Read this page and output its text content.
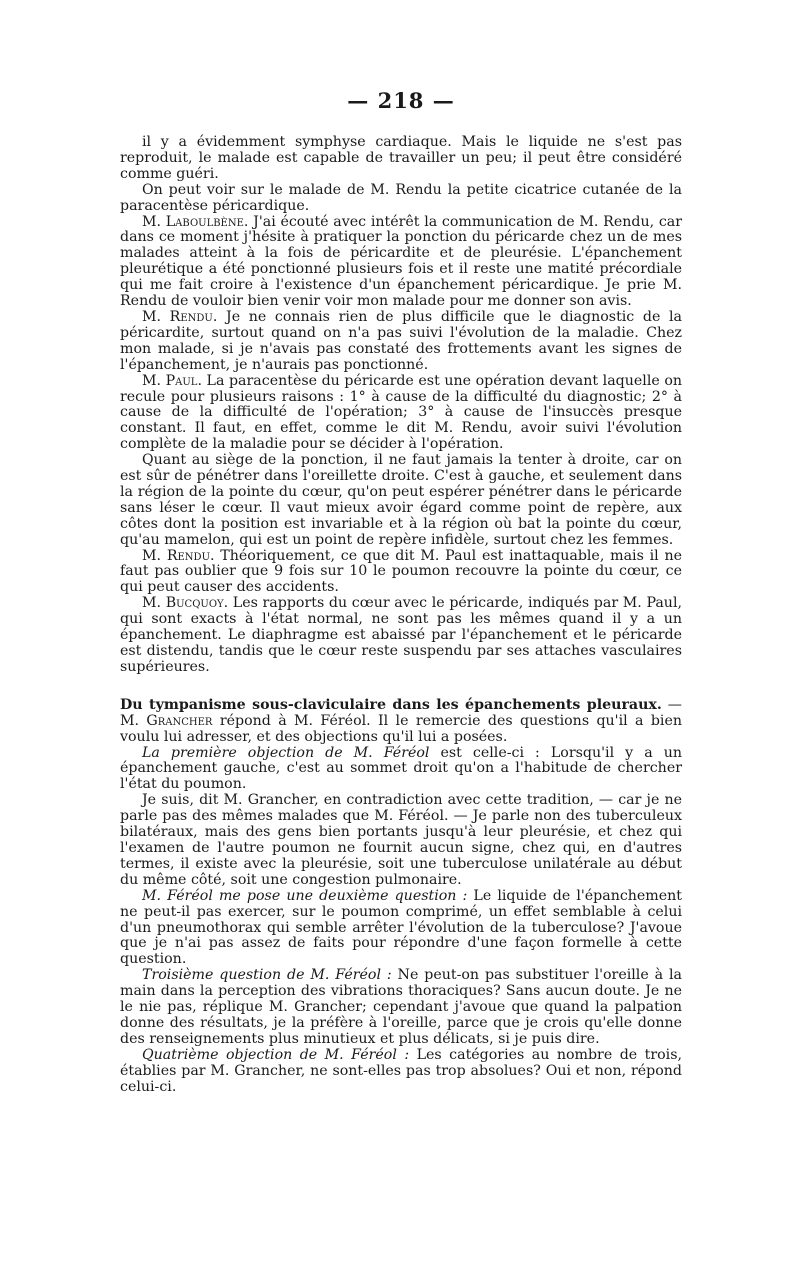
— 218 —

il y a évidemment symphyse cardiaque. Mais le liquide ne s'est pas reproduit, le malade est capable de travailler un peu; il peut être considéré comme guéri.

On peut voir sur le malade de M. Rendu la petite cicatrice cutanée de la paracentèse péricardique.

M. Laboulbène. J'ai écouté avec intérêt la communication de M. Rendu, car dans ce moment j'hésite à pratiquer la ponction du péricarde chez un de mes malades atteint à la fois de péricardite et de pleurésie. L'épanchement pleurétique a été ponctionné plusieurs fois et il reste une matité précordiale qui me fait croire à l'existence d'un épanchement péricardique. Je prie M. Rendu de vouloir bien venir voir mon malade pour me donner son avis.

M. Rendu. Je ne connais rien de plus difficile que le diagnostic de la péricardite, surtout quand on n'a pas suivi l'évolution de la maladie. Chez mon malade, si je n'avais pas constaté des frottements avant les signes de l'épanchement, je n'aurais pas ponctionné.

M. Paul. La paracentèse du péricarde est une opération devant laquelle on recule pour plusieurs raisons : 1° à cause de la difficulté du diagnostic; 2° à cause de la difficulté de l'opération; 3° à cause de l'insuccès presque constant. Il faut, en effet, comme le dit M. Rendu, avoir suivi l'évolution complète de la maladie pour se décider à l'opération.

Quant au siège de la ponction, il ne faut jamais la tenter à droite, car on est sûr de pénétrer dans l'oreillette droite. C'est à gauche, et seulement dans la région de la pointe du cœur, qu'on peut espérer pénétrer dans le péricarde sans léser le cœur. Il vaut mieux avoir égard comme point de repère, aux côtes dont la position est invariable et à la région où bat la pointe du cœur, qu'au mamelon, qui est un point de repère infidèle, surtout chez les femmes.

M. Rendu. Théoriquement, ce que dit M. Paul est inattaquable, mais il ne faut pas oublier que 9 fois sur 10 le poumon recouvre la pointe du cœur, ce qui peut causer des accidents.

M. Bucquoy. Les rapports du cœur avec le péricarde, indiqués par M. Paul, qui sont exacts à l'état normal, ne sont pas les mêmes quand il y a un épanchement. Le diaphragme est abaissé par l'épanchement et le péricarde est distendu, tandis que le cœur reste suspendu par ses attaches vasculaires supérieures.

Du tympanisme sous-claviculaire dans les épanchements pleuraux. — M. Grancher répond à M. Féréol. Il le remercie des questions qu'il a bien voulu lui adresser, et des objections qu'il lui a posées.

La première objection de M. Féréol est celle-ci : Lorsqu'il y a un épanchement gauche, c'est au sommet droit qu'on a l'habitude de chercher l'état du poumon.

Je suis, dit M. Grancher, en contradiction avec cette tradition, — car je ne parle pas des mêmes malades que M. Féréol. — Je parle non des tuberculeux bilatéraux, mais des gens bien portants jusqu'à leur pleurésie, et chez qui l'examen de l'autre poumon ne fournit aucun signe, chez qui, en d'autres termes, il existe avec la pleurésie, soit une tuberculose unilatérale au début du même côté, soit une congestion pulmonaire.

M. Féréol me pose une deuxième question : Le liquide de l'épanchement ne peut-il pas exercer, sur le poumon comprimé, un effet semblable à celui d'un pneumothorax qui semble arrêter l'évolution de la tuberculose? J'avoue que je n'ai pas assez de faits pour répondre d'une façon formelle à cette question.

Troisième question de M. Féréol : Ne peut-on pas substituer l'oreille à la main dans la perception des vibrations thoraciques? Sans aucun doute. Je ne le nie pas, réplique M. Grancher; cependant j'avoue que quand la palpation donne des résultats, je la préfère à l'oreille, parce que je crois qu'elle donne des renseignements plus minutieux et plus délicats, si je puis dire.

Quatrième objection de M. Féréol : Les catégories au nombre de trois, établies par M. Grancher, ne sont-elles pas trop absolues? Oui et non, répond celui-ci.
